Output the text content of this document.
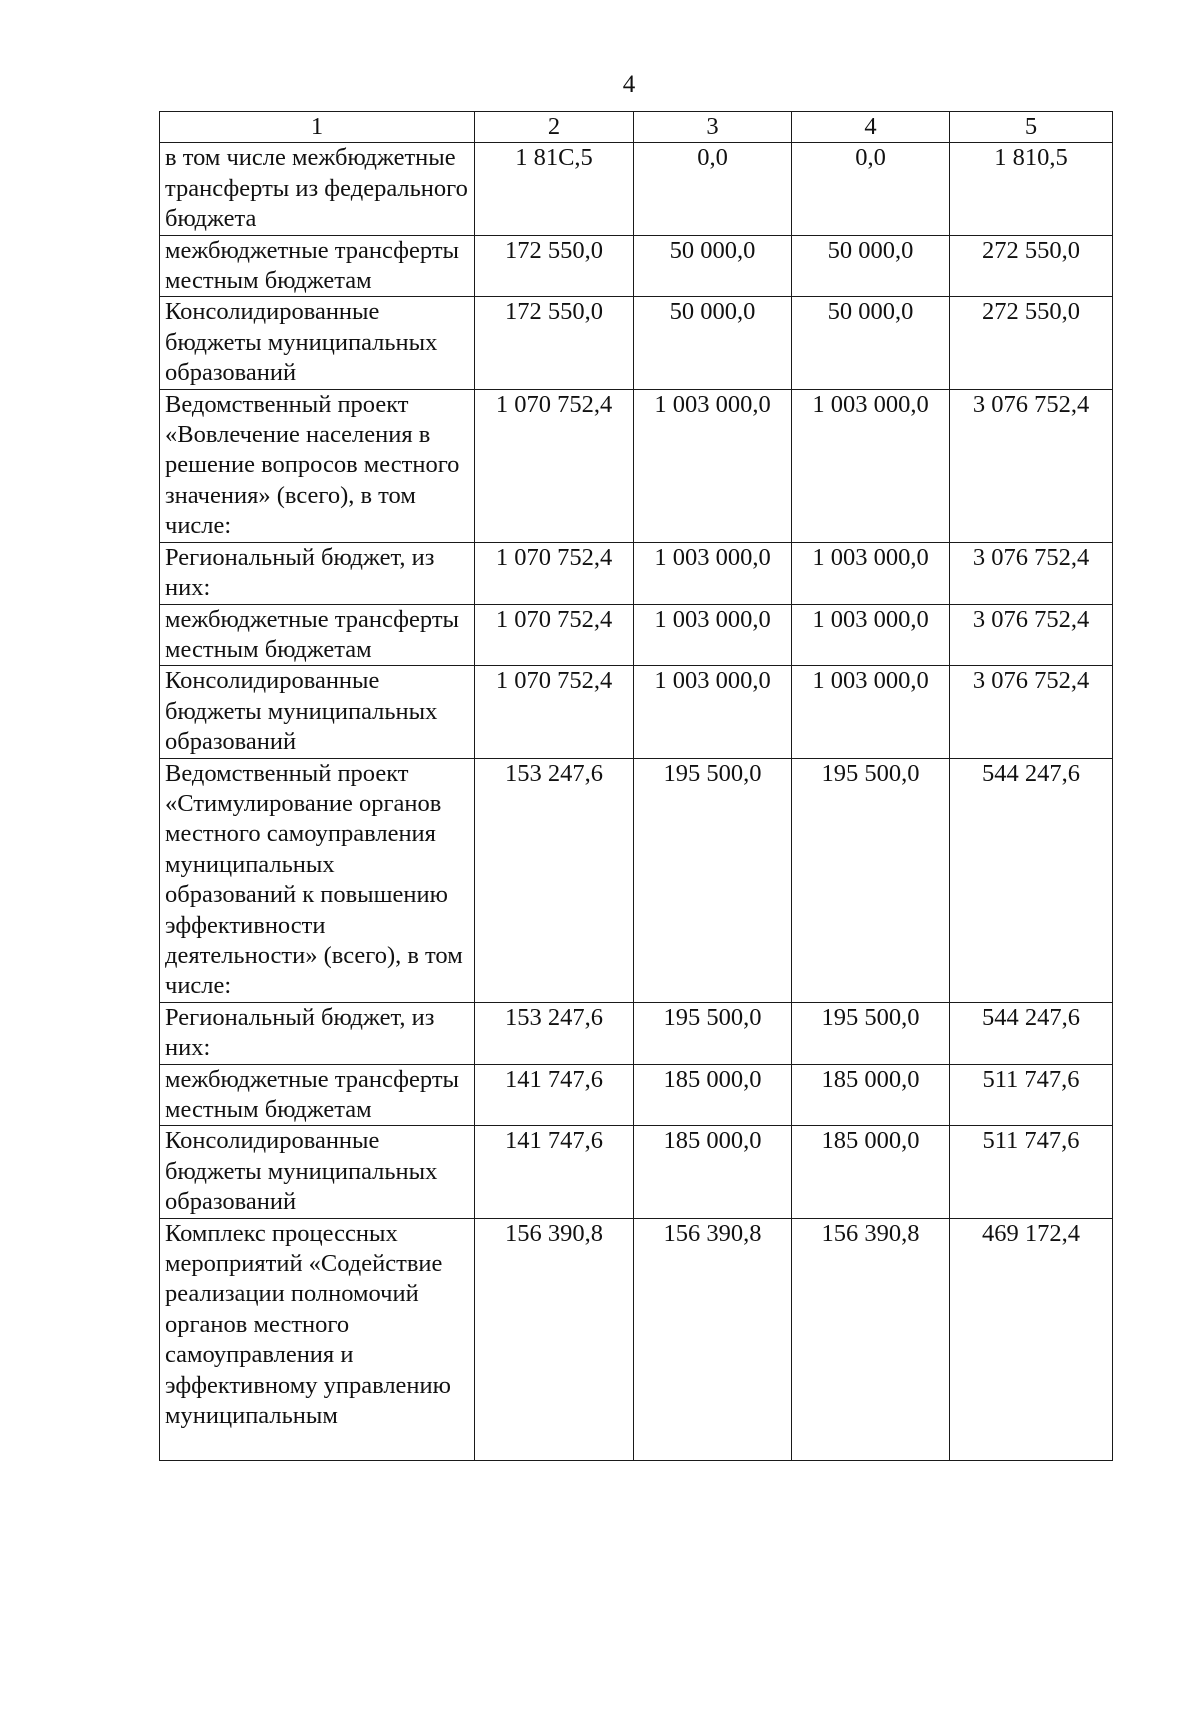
4
1	2	3	4	5
в том числе межбюджетные трансферты из федерального бюджета	1 81С,5	0,0	0,0	1 810,5
межбюджетные трансферты местным бюджетам	172 550,0	50 000,0	50 000,0	272 550,0
Консолидированные бюджеты муниципальных образований	172 550,0	50 000,0	50 000,0	272 550,0
Ведомственный проект «Вовлечение населения в решение вопросов местного значения» (всего), в том числе:	1 070 752,4	1 003 000,0	1 003 000,0	3 076 752,4
Региональный бюджет, из них:	1 070 752,4	1 003 000,0	1 003 000,0	3 076 752,4
межбюджетные трансферты местным бюджетам	1 070 752,4	1 003 000,0	1 003 000,0	3 076 752,4
Консолидированные бюджеты муниципальных образований	1 070 752,4	1 003 000,0	1 003 000,0	3 076 752,4
Ведомственный проект «Стимулирование органов местного самоуправления муниципальных образований к повышению эффективности деятельности» (всего), в том числе:	153 247,6	195 500,0	195 500,0	544 247,6
Региональный бюджет, из них:	153 247,6	195 500,0	195 500,0	544 247,6
межбюджетные трансферты местным бюджетам	141 747,6	185 000,0	185 000,0	511 747,6
Консолидированные бюджеты муниципальных образований	141 747,6	185 000,0	185 000,0	511 747,6
Комплекс процессных мероприятий «Содействие реализации полномочий органов местного самоуправления и эффективному управлению муниципальным	156 390,8	156 390,8	156 390,8	469 172,4
